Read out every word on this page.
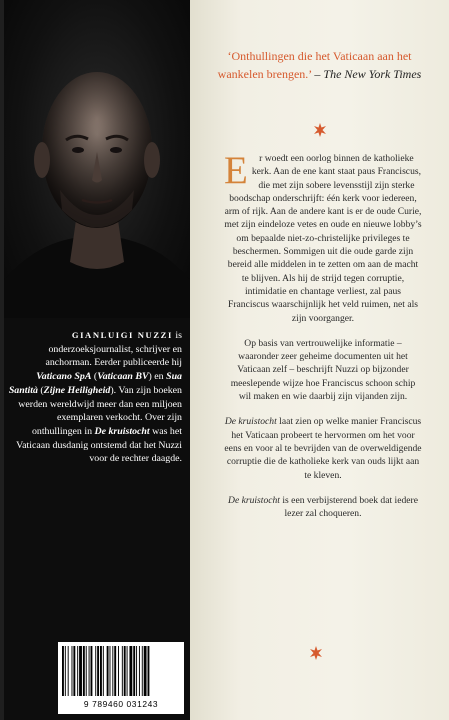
GIANLUIGI NUZZI is onderzoeksjournalist, schrijver en anchorman. Eerder publiceerde hij Vaticano SpA (Vaticaan BV) en Sua Santità (Zijne Heiligheid). Van zijn boeken werden wereldwijd meer dan een miljoen exemplaren verkocht. Over zijn onthullingen in De kruistocht was het Vaticaan dusdanig ontstemd dat het Nuzzi voor de rechter daagde.
9 789460 031243
‘Onthullingen die het Vaticaan aan het wankelen brengen.’ – The New York Times

E r woedt een oorlog binnen de katholieke kerk. Aan de ene kant staat paus Franciscus, die met zijn sobere levensstijl zijn sterke boodschap onderschrijft: één kerk voor iedereen, arm of rijk. Aan de andere kant is er de oude Curie, met zijn eindeloze vetes en oude en nieuwe lobby’s om bepaalde niet-zo-christelijke privileges te beschermen. Sommigen uit die oude garde zijn bereid alle middelen in te zetten om aan de macht te blijven. Als hij de strijd tegen corruptie, intimidatie en chantage verliest, zal paus Franciscus waarschijnlijk het veld ruimen, net als zijn voorganger.

Op basis van vertrouwelijke informatie – waaronder zeer geheime documenten uit het Vaticaan zelf – beschrijft Nuzzi op bijzonder meeslepende wijze hoe Franciscus schoon schip wil maken en wie daarbij zijn vijanden zijn.

De kruistocht laat zien op welke manier Franciscus het Vaticaan probeert te hervormen om het voor eens en voor al te bevrijden van de overweldigende corruptie die de katholieke kerk van ouds lijkt aan te kleven.

De kruistocht is een verbijsterend boek dat iedere lezer zal choqueren.
